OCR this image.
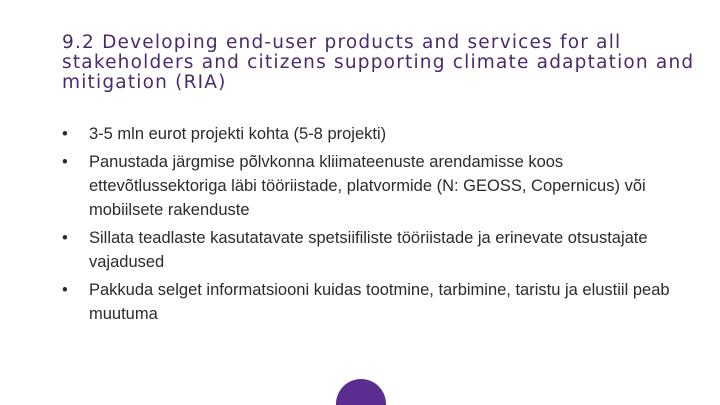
9.2 Developing end-user products and services for all stakeholders and citizens supporting climate adaptation and mitigation (RIA)
• 3-5 mln eurot projekti kohta (5-8 projekti)
• Panustada järgmise põlvkonna kliimateenuste arendamisse koos ettevõtlussektoriga läbi tööriistade, platvormide (N: GEOSS, Copernicus) või mobiilsete rakenduste
• Sillata teadlaste kasutatavate spetsiifiliste tööriistade ja erinevate otsustajate vajadused
• Pakkuda selget informatsiooni kuidas tootmine, tarbimine, taristu ja elustiil peab muutuma
